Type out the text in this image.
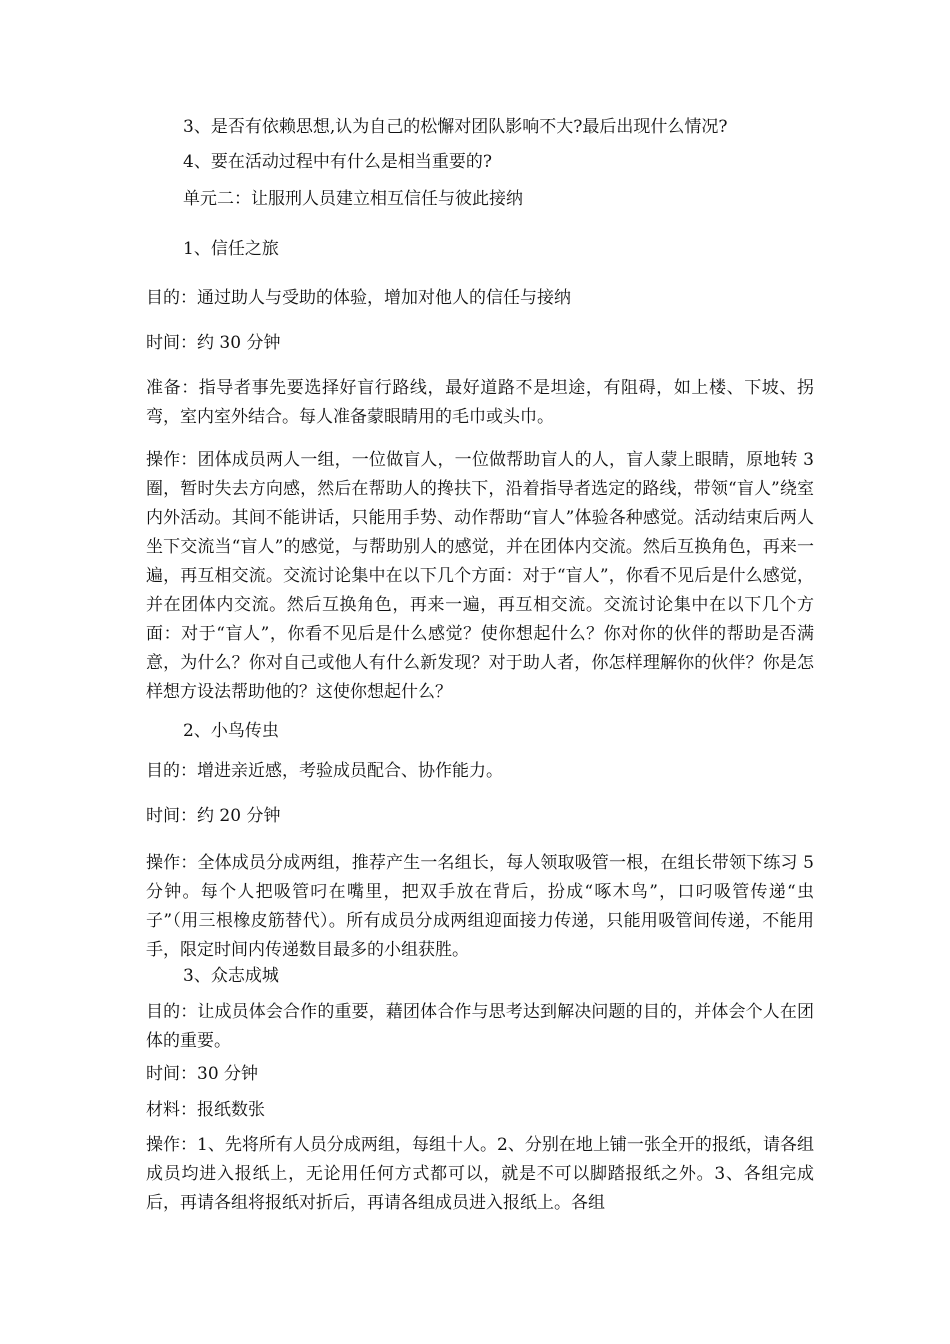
3、是否有依赖思想,认为自己的松懈对团队影响不大?最后出现什么情况?

4、要在活动过程中有什么是相当重要的?

单元二：让服刑人员建立相互信任与彼此接纳

1、信任之旅

目的：通过助人与受助的体验，增加对他人的信任与接纳

时间：约 30 分钟

准备：指导者事先要选择好盲行路线，最好道路不是坦途，有阻碍，如上楼、下坡、拐弯，室内室外结合。每人准备蒙眼睛用的毛巾或头巾。

操作：团体成员两人一组，一位做盲人，一位做帮助盲人的人，盲人蒙上眼睛，原地转 3 圈，暂时失去方向感，然后在帮助人的搀扶下，沿着指导者选定的路线，带领“盲人”绕室内外活动。其间不能讲话，只能用手势、动作帮助“盲人”体验各种感觉。活动结束后两人坐下交流当“盲人”的感觉，与帮助别人的感觉，并在团体内交流。然后互换角色，再来一遍，再互相交流。交流讨论集中在以下几个方面：对于“盲人”，你看不见后是什么感觉，并在团体内交流。然后互换角色，再来一遍，再互相交流。交流讨论集中在以下几个方面：对于“盲人”，你看不见后是什么感觉？使你想起什么？你对你的伙伴的帮助是否满意，为什么？你对自己或他人有什么新发现？对于助人者，你怎样理解你的伙伴？你是怎样想方设法帮助他的？这使你想起什么？

2、小鸟传虫

目的：增进亲近感，考验成员配合、协作能力。

时间：约 20 分钟

操作：全体成员分成两组，推荐产生一名组长，每人领取吸管一根，在组长带领下练习 5 分钟。每个人把吸管叼在嘴里，把双手放在背后，扮成“啄木鸟”，口叼吸管传递“虫子”（用三根橡皮筋替代）。所有成员分成两组迎面接力传递，只能用吸管间传递，不能用手，限定时间内传递数目最多的小组获胜。

3、众志成城

目的：让成员体会合作的重要，藉团体合作与思考达到解决问题的目的，并体会个人在团体的重要。

时间：30 分钟

材料：报纸数张

操作：1、先将所有人员分成两组，每组十人。2、分别在地上铺一张全开的报纸，请各组成员均进入报纸上，无论用任何方式都可以，就是不可以脚踏报纸之外。3、各组完成后，再请各组将报纸对折后，再请各组成员进入报纸上。各组
